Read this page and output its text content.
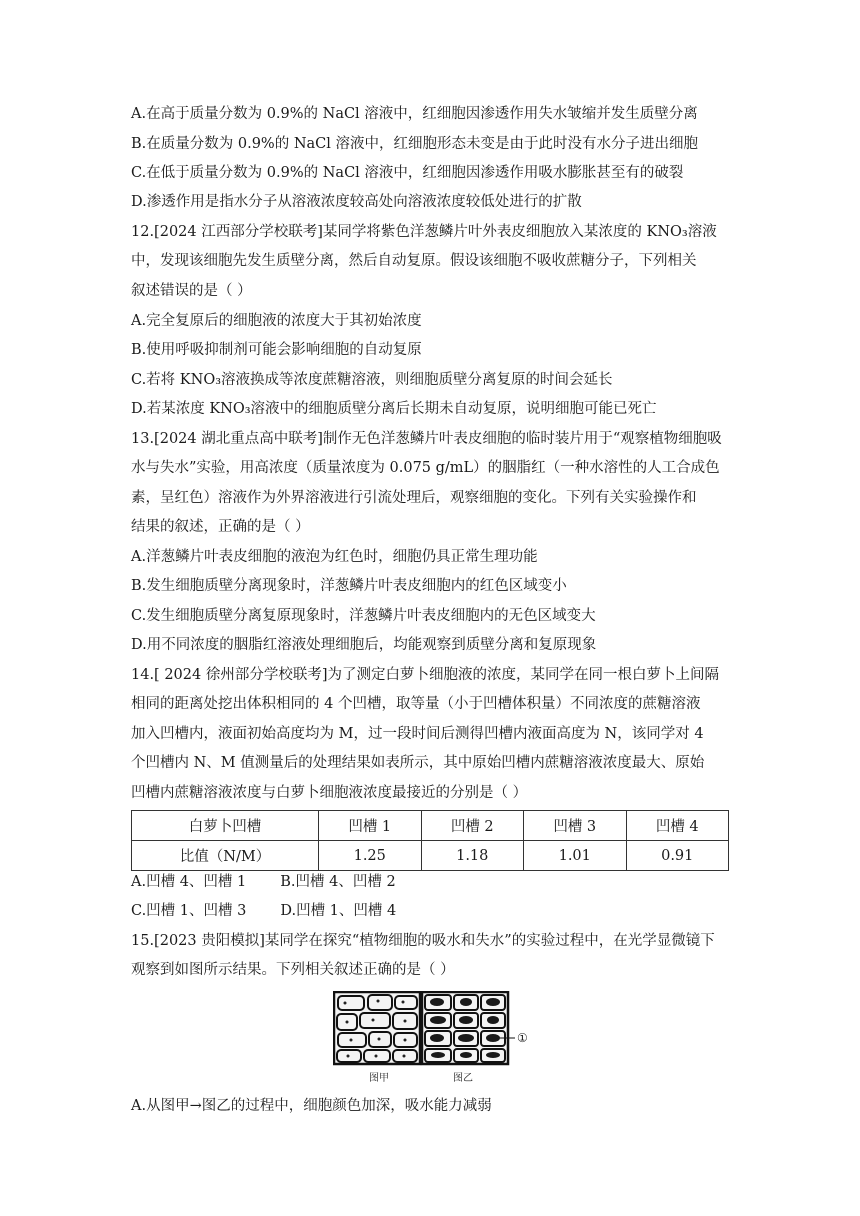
A.在高于质量分数为 0.9%的 NaCl 溶液中，红细胞因渗透作用失水皱缩并发生质壁分离
B.在质量分数为 0.9%的 NaCl 溶液中，红细胞形态未变是由于此时没有水分子进出细胞
C.在低于质量分数为 0.9%的 NaCl 溶液中，红细胞因渗透作用吸水膨胀甚至有的破裂
D.渗透作用是指水分子从溶液浓度较高处向溶液浓度较低处进行的扩散
12.[2024 江西部分学校联考]某同学将紫色洋葱鳞片叶外表皮细胞放入某浓度的 KNO₃溶液
中，发现该细胞先发生质壁分离，然后自动复原。假设该细胞不吸收蔗糖分子，下列相关
叙述错误的是（ ）
A.完全复原后的细胞液的浓度大于其初始浓度
B.使用呼吸抑制剂可能会影响细胞的自动复原
C.若将 KNO₃溶液换成等浓度蔗糖溶液，则细胞质壁分离复原的时间会延长
D.若某浓度 KNO₃溶液中的细胞质壁分离后长期未自动复原，说明细胞可能已死亡
13.[2024 湖北重点高中联考]制作无色洋葱鳞片叶表皮细胞的临时装片用于“观察植物细胞吸
水与失水”实验，用高浓度（质量浓度为 0.075 g/mL）的胭脂红（一种水溶性的人工合成色
素，呈红色）溶液作为外界溶液进行引流处理后，观察细胞的变化。下列有关实验操作和
结果的叙述，正确的是（ ）
A.洋葱鳞片叶表皮细胞的液泡为红色时，细胞仍具正常生理功能
B.发生细胞质壁分离现象时，洋葱鳞片叶表皮细胞内的红色区域变小
C.发生细胞质壁分离复原现象时，洋葱鳞片叶表皮细胞内的无色区域变大
D.用不同浓度的胭脂红溶液处理细胞后，均能观察到质壁分离和复原现象
14.[ 2024 徐州部分学校联考]为了测定白萝卜细胞液的浓度，某同学在同一根白萝卜上间隔
相同的距离处挖出体积相同的 4 个凹槽，取等量（小于凹槽体积量）不同浓度的蔗糖溶液
加入凹槽内，液面初始高度均为 M，过一段时间后测得凹槽内液面高度为 N，该同学对 4
个凹槽内 N、M 值测量后的处理结果如表所示，其中原始凹槽内蔗糖溶液浓度最大、原始
凹槽内蔗糖溶液浓度与白萝卜细胞液浓度最接近的分别是（ ）
白萝卜凹槽	凹槽 1	凹槽 2	凹槽 3	凹槽 4
比值（N/M）	1.25	1.18	1.01	0.91
A.凹槽 4、凹槽 1 B.凹槽 4、凹槽 2
C.凹槽 1、凹槽 3 D.凹槽 1、凹槽 4
15.[2023 贵阳模拟]某同学在探究“植物细胞的吸水和失水”的实验过程中，在光学显微镜下
观察到如图所示结果。下列相关叙述正确的是（ ）
①
图甲	图乙
A.从图甲→图乙的过程中，细胞颜色加深，吸水能力减弱
